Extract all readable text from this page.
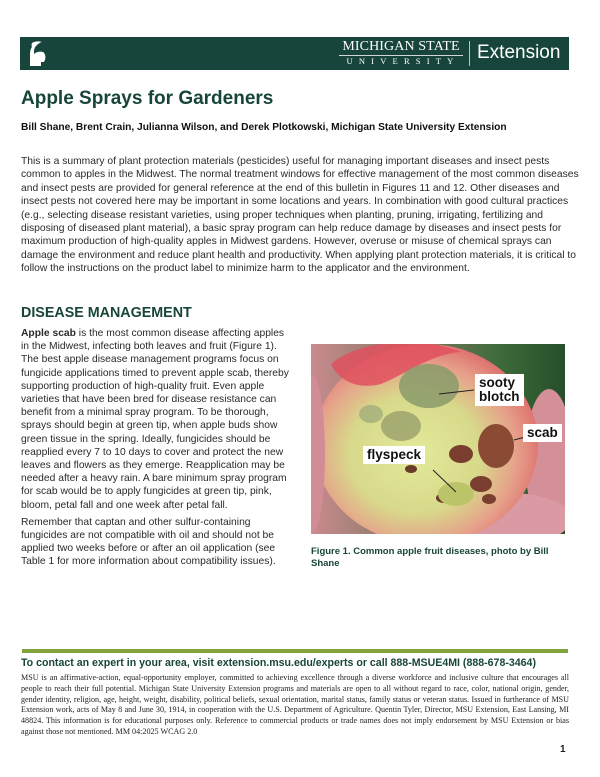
MICHIGAN STATE
UNIVERSITY Extension
Apple Sprays for Gardeners
Bill Shane, Brent Crain, Julianna Wilson, and Derek Plotkowski, Michigan State University Extension

This is a summary of plant protection materials (pesticides) useful for managing important diseases and insect pests common to apples in the Midwest. The normal treatment windows for effective management of the most common diseases and insect pests are provided for general reference at the end of this bulletin in Figures 11 and 12. Other diseases and insect pests not covered here may be important in some locations and years. In combination with good cultural practices (e.g., selecting disease resistant varieties, using proper techniques when planting, pruning, irrigating, fertilizing and disposing of diseased plant material), a basic spray program can help reduce damage by diseases and insect pests for maximum production of high-quality apples in Midwest gardens. However, overuse or misuse of chemical sprays can damage the environment and reduce plant health and productivity. When applying plant protection materials, it is critical to follow the instructions on the product label to minimize harm to the applicator and the environment.

DISEASE MANAGEMENT

Apple scab is the most common disease affecting apples in the Midwest, infecting both leaves and fruit (Figure 1). The best apple disease management programs focus on fungicide applications timed to prevent apple scab, thereby supporting production of high-quality fruit. Even apple varieties that have been bred for disease resistance can benefit from a minimal spray program. To be thorough, sprays should begin at green tip, when apple buds show green tissue in the spring. Ideally, fungicides should be reapplied every 7 to 10 days to cover and protect the new leaves and flowers as they emerge. Reapplication may be needed after a heavy rain. A bare minimum spray program for scab would be to apply fungicides at green tip, pink, bloom, petal fall and one week after petal fall.

Remember that captan and other sulfur-containing fungicides are not compatible with oil and should not be applied two weeks before or after an oil application (see Table 1 for more information about compatibility issues).

sooty
blotch
scab
flyspeck
Figure 1. Common apple fruit diseases, photo by Bill Shane
To contact an expert in your area, visit extension.msu.edu/experts or call 888-MSUE4MI (888-678-3464)

MSU is an affirmative-action, equal-opportunity employer, committed to achieving excellence through a diverse workforce and inclusive culture that encourages all people to reach their full potential. Michigan State University Extension programs and materials are open to all without regard to race, color, national origin, gender, gender identity, religion, age, height, weight, disability, political beliefs, sexual orientation, marital status, family status or veteran status. Issued in furtherance of MSU Extension work, acts of May 8 and June 30, 1914, in cooperation with the U.S. Department of Agriculture. Quentin Tyler, Director, MSU Extension, East Lansing, MI 48824. This information is for educational purposes only. Reference to commercial products or trade names does not imply endorsement by MSU Extension or bias against those not mentioned. MM 04:2025 WCAG 2.0

1
